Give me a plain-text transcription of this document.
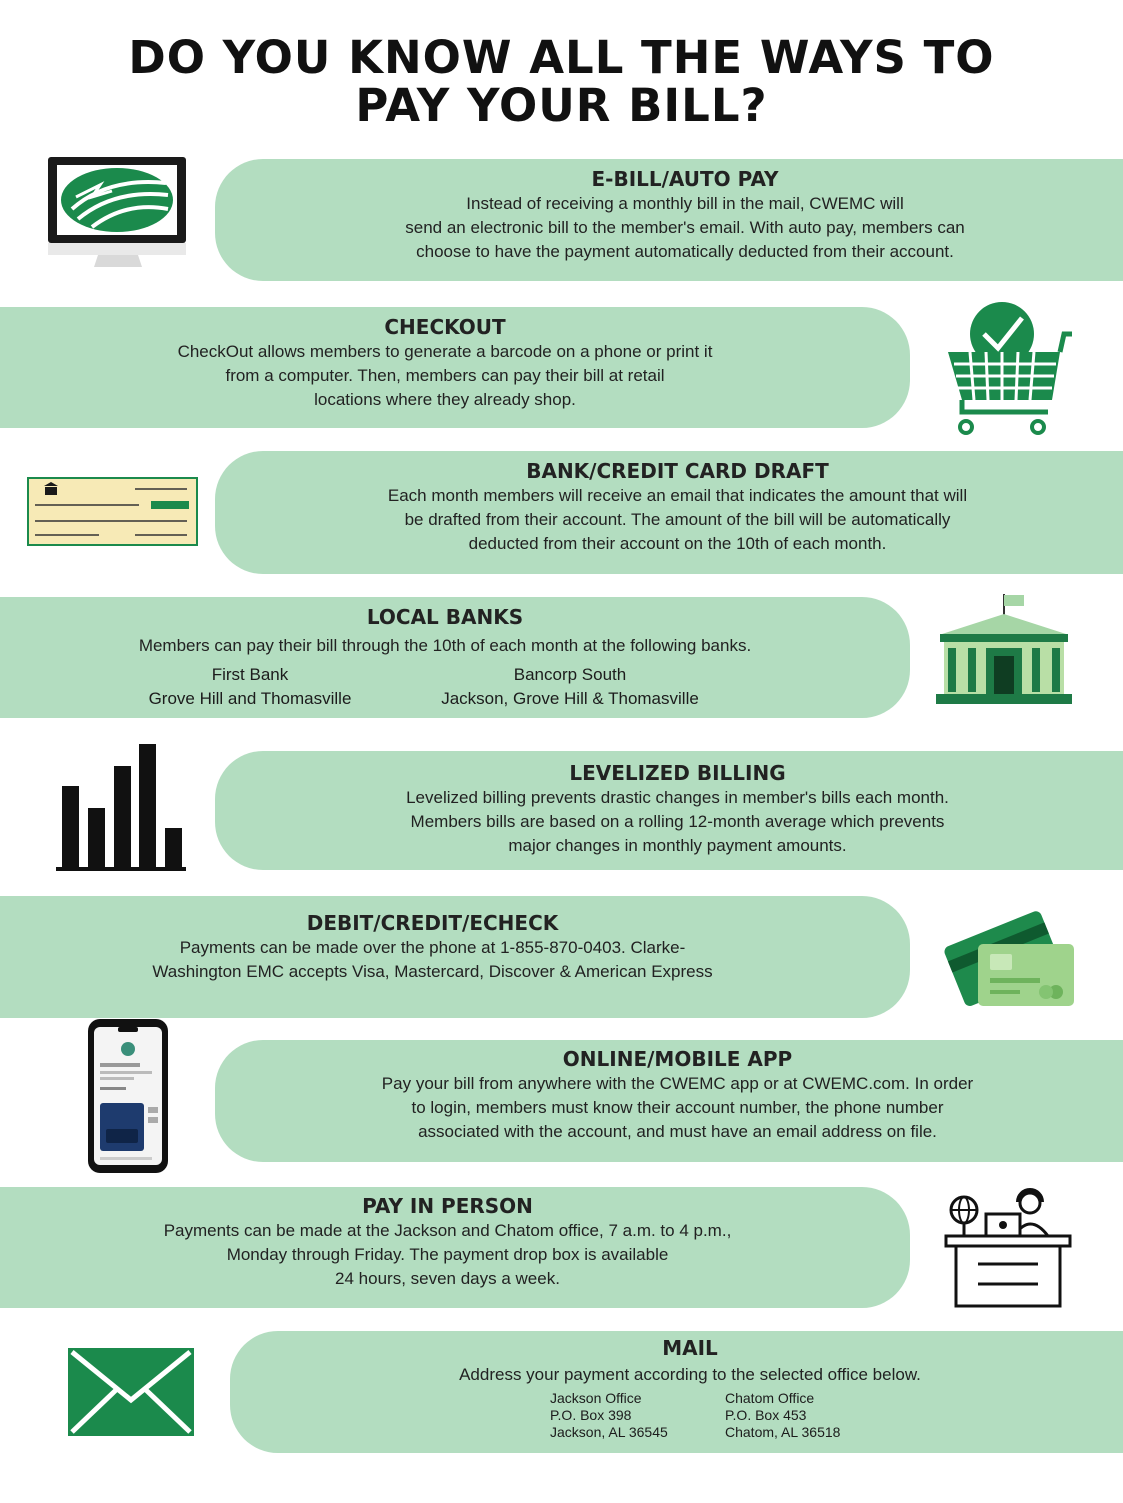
DO YOU KNOW ALL THE WAYS TO
PAY YOUR BILL?
E-BILL/AUTO PAY

Instead of receiving a monthly bill in the mail, CWEMC will
send an electronic bill to the member's email. With auto pay, members can
choose to have the payment automatically deducted from their account.

CHECKOUT

CheckOut allows members to generate a barcode on a phone or print it
from a computer. Then, members can pay their bill at retail
locations where they already shop.

BANK/CREDIT CARD DRAFT

Each month members will receive an email that indicates the amount that will
be drafted from their account. The amount of the bill will be automatically
deducted from their account on the 10th of each month.

LOCAL BANKS

Members can pay their bill through the 10th of each month at the following banks.

First Bank
Grove Hill and Thomasville
Bancorp South
Jackson, Grove Hill & Thomasville
LEVELIZED BILLING

Levelized billing prevents drastic changes in member's bills each month.
Members bills are based on a rolling 12-month average which prevents
major changes in monthly payment amounts.

DEBIT/CREDIT/ECHECK

Payments can be made over the phone at 1-855-870-0403. Clarke-
Washington EMC accepts Visa, Mastercard, Discover & American Express

ONLINE/MOBILE APP

Pay your bill from anywhere with the CWEMC app or at CWEMC.com. In order
to login, members must know their account number, the phone number
associated with the account, and must have an email address on file.

PAY IN PERSON

Payments can be made at the Jackson and Chatom office, 7 a.m. to 4 p.m.,
Monday through Friday. The payment drop box is available
24 hours, seven days a week.

MAIL

Address your payment according to the selected office below.

Jackson Office
P.O. Box 398
Jackson, AL 36545
Chatom Office
P.O. Box 453
Chatom, AL 36518
